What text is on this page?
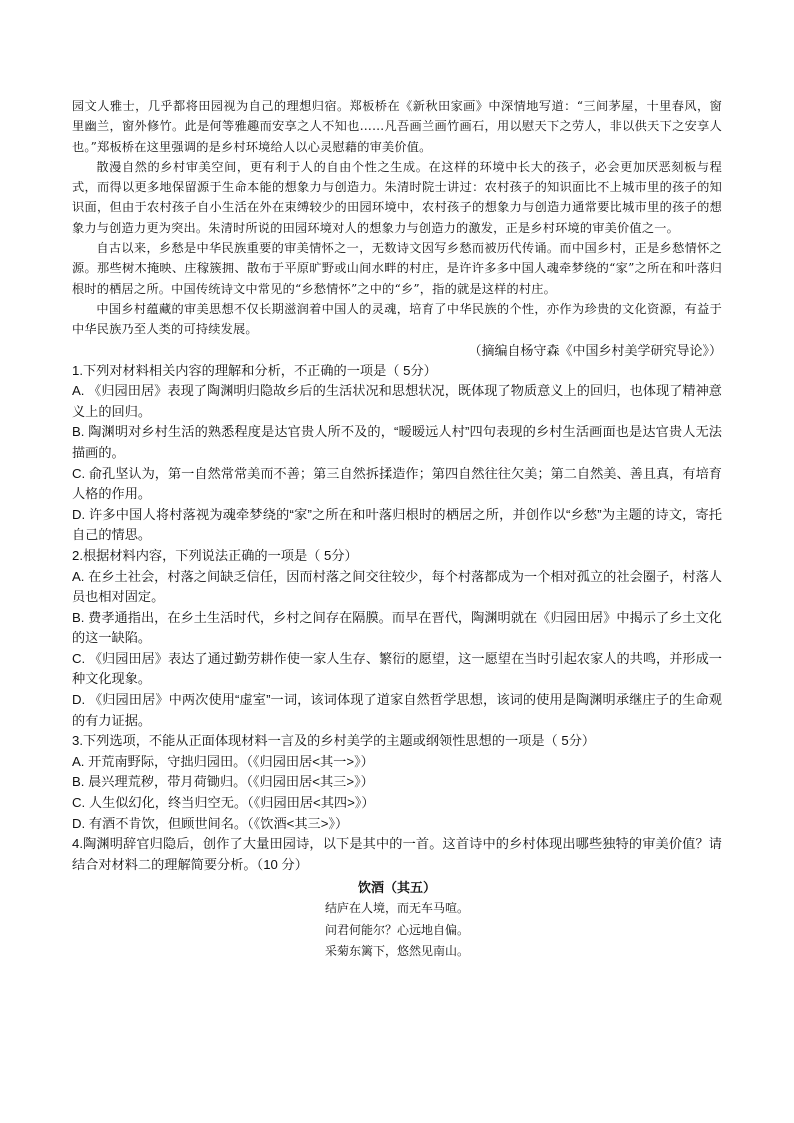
园文人雅士，几乎都将田园视为自己的理想归宿。郑板桥在《新秋田家画》中深情地写道：“三间茅屋，十里春风，窗里幽兰，窗外修竹。此是何等雅趣而安享之人不知也……凡吾画兰画竹画石，用以慰天下之劳人，非以供天下之安享人也。”郑板桥在这里强调的是乡村环境给人以心灵慰藉的审美价值。

散漫自然的乡村审美空间，更有利于人的自由个性之生成。在这样的环境中长大的孩子，必会更加厌恶刻板与程式，而得以更多地保留源于生命本能的想象力与创造力。朱清时院士讲过：农村孩子的知识面比不上城市里的孩子的知识面，但由于农村孩子自小生活在外在束缚较少的田园环境中，农村孩子的想象力与创造力通常要比城市里的孩子的想象力与创造力更为突出。朱清时所说的田园环境对人的想象力与创造力的激发，正是乡村环境的审美价值之一。

自古以来，乡愁是中华民族重要的审美情怀之一，无数诗文因写乡愁而被历代传诵。而中国乡村，正是乡愁情怀之源。那些树木掩映、庄稼簇拥、散布于平原旷野或山间水畔的村庄，是许许多多中国人魂牵梦绕的“家”之所在和叶落归根时的栖居之所。中国传统诗文中常见的“乡愁情怀”之中的“乡”，指的就是这样的村庄。

中国乡村蕴藏的审美思想不仅长期滋润着中国人的灵魂，培育了中华民族的个性，亦作为珍贵的文化资源，有益于中华民族乃至人类的可持续发展。

（摘编自杨守森《中国乡村美学研究导论》）

1.下列对材料相关内容的理解和分析，不正确的一项是（ 5分）

A. 《归园田居》表现了陶渊明归隐故乡后的生活状况和思想状况，既体现了物质意义上的回归，也体现了精神意义上的回归。

B. 陶渊明对乡村生活的熟悉程度是达官贵人所不及的，“暧暧远人村”四句表现的乡村生活画面也是达官贵人无法描画的。

C. 俞孔坚认为，第一自然常常美而不善；第三自然拆揉造作；第四自然往往欠美；第二自然美、善且真，有培育人格的作用。

D. 许多中国人将村落视为魂牵梦绕的“家”之所在和叶落归根时的栖居之所，并创作以“乡愁”为主题的诗文，寄托自己的情思。

2.根据材料内容，下列说法正确的一项是（ 5分）

A. 在乡土社会，村落之间缺乏信任，因而村落之间交往较少，每个村落都成为一个相对孤立的社会圈子，村落人员也相对固定。

B. 费孝通指出，在乡土生活时代，乡村之间存在隔膜。而早在晋代，陶渊明就在《归园田居》中揭示了乡土文化的这一缺陷。

C. 《归园田居》表达了通过勤劳耕作使一家人生存、繁衍的愿望，这一愿望在当时引起农家人的共鸣，并形成一种文化现象。

D. 《归园田居》中两次使用“虚室”一词，该词体现了道家自然哲学思想，该词的使用是陶渊明承继庄子的生命观的有力证据。

3.下列选项，不能从正面体现材料一言及的乡村美学的主题或纲领性思想的一项是（ 5分）

A. 开荒南野际，守拙归园田。（《归园田居<其一>》）

B. 晨兴理荒秽，带月荷锄归。（《归园田居<其三>》）

C. 人生似幻化，终当归空无。（《归园田居<其四>》）

D. 有酒不肯饮，但顾世间名。（《饮酒<其三>》）

4.陶渊明辞官归隐后，创作了大量田园诗，以下是其中的一首。这首诗中的乡村体现出哪些独特的审美价值？请结合对材料二的理解简要分析。（10 分）

饮酒（其五）

结庐在人境，而无车马喧。

问君何能尔？心远地自偏。

采菊东篱下，悠然见南山。
